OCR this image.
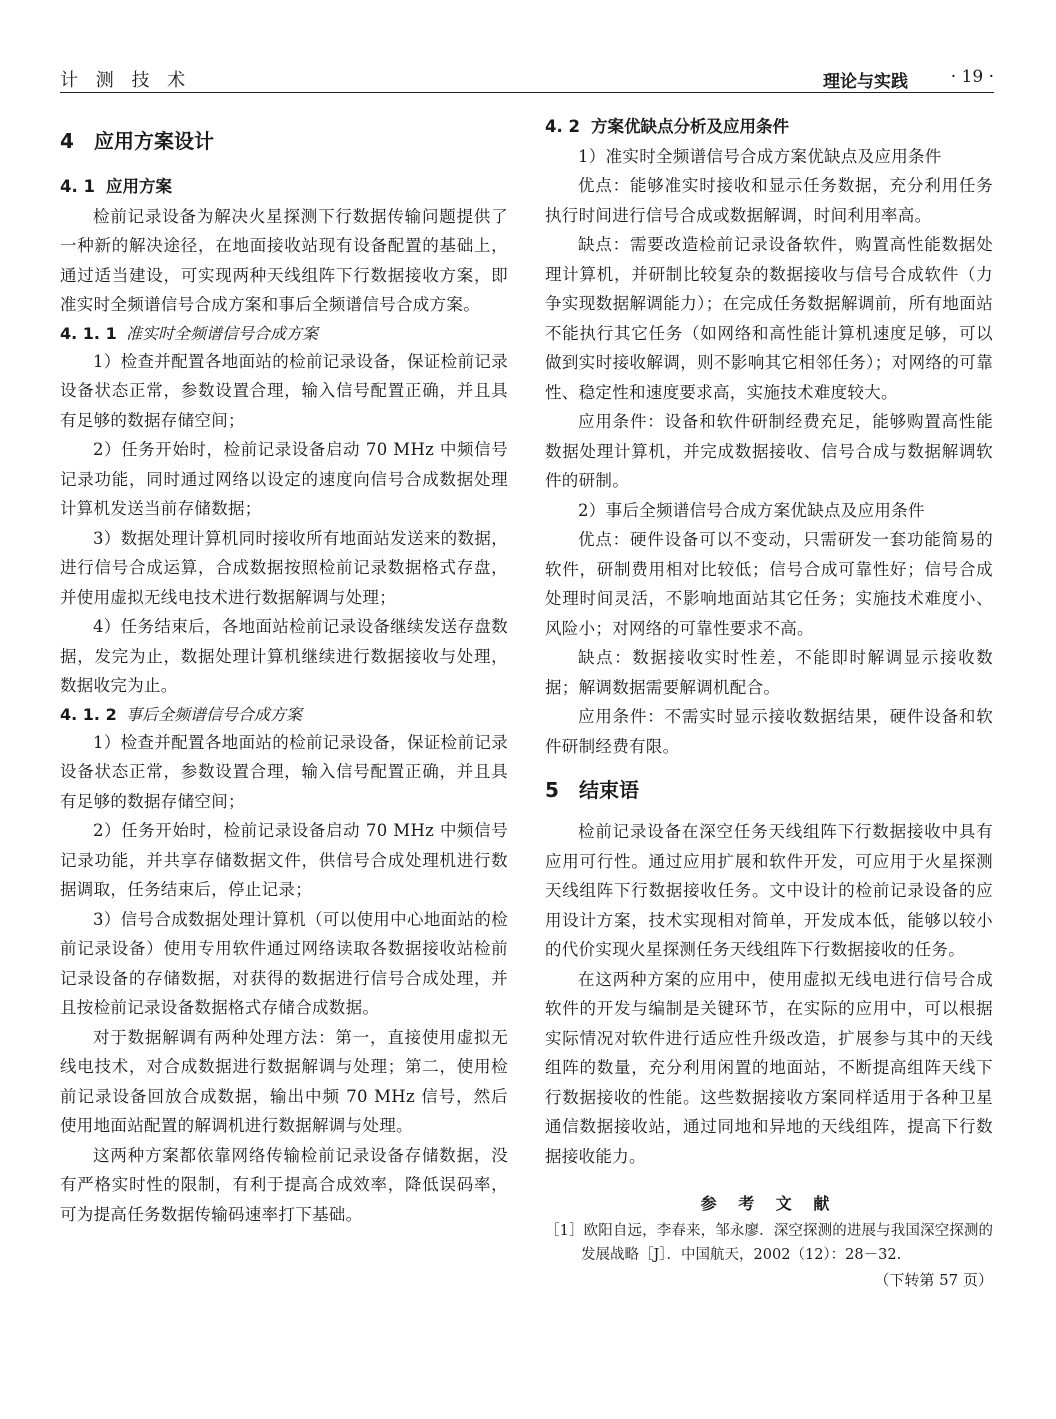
计 测 技 术	理论与实践	· 19 ·

4 应用方案设计

4. 1 应用方案

检前记录设备为解决火星探测下行数据传输问题提供了一种新的解决途径，在地面接收站现有设备配置的基础上，通过适当建设，可实现两种天线组阵下行数据接收方案，即准实时全频谱信号合成方案和事后全频谱信号合成方案。

4. 1. 1 准实时全频谱信号合成方案

1）检查并配置各地面站的检前记录设备，保证检前记录设备状态正常，参数设置合理，输入信号配置正确，并且具有足够的数据存储空间；

2）任务开始时，检前记录设备启动 70 MHz 中频信号记录功能，同时通过网络以设定的速度向信号合成数据处理计算机发送当前存储数据；

3）数据处理计算机同时接收所有地面站发送来的数据，进行信号合成运算，合成数据按照检前记录数据格式存盘，并使用虚拟无线电技术进行数据解调与处理；

4）任务结束后，各地面站检前记录设备继续发送存盘数据，发完为止，数据处理计算机继续进行数据接收与处理，数据收完为止。

4. 1. 2 事后全频谱信号合成方案

1）检查并配置各地面站的检前记录设备，保证检前记录设备状态正常，参数设置合理，输入信号配置正确，并且具有足够的数据存储空间；

2）任务开始时，检前记录设备启动 70 MHz 中频信号记录功能，并共享存储数据文件，供信号合成处理机进行数据调取，任务结束后，停止记录；

3）信号合成数据处理计算机（可以使用中心地面站的检前记录设备）使用专用软件通过网络读取各数据接收站检前记录设备的存储数据，对获得的数据进行信号合成处理，并且按检前记录设备数据格式存储合成数据。

对于数据解调有两种处理方法：第一，直接使用虚拟无线电技术，对合成数据进行数据解调与处理；第二，使用检前记录设备回放合成数据，输出中频 70 MHz 信号，然后使用地面站配置的解调机进行数据解调与处理。

这两种方案都依靠网络传输检前记录设备存储数据，没有严格实时性的限制，有利于提高合成效率，降低误码率，可为提高任务数据传输码速率打下基础。

4. 2 方案优缺点分析及应用条件

1）准实时全频谱信号合成方案优缺点及应用条件

优点：能够准实时接收和显示任务数据，充分利用任务执行时间进行信号合成或数据解调，时间利用率高。

缺点：需要改造检前记录设备软件，购置高性能数据处理计算机，并研制比较复杂的数据接收与信号合成软件（力争实现数据解调能力）；在完成任务数据解调前，所有地面站不能执行其它任务（如网络和高性能计算机速度足够，可以做到实时接收解调，则不影响其它相邻任务）；对网络的可靠性、稳定性和速度要求高，实施技术难度较大。

应用条件：设备和软件研制经费充足，能够购置高性能数据处理计算机，并完成数据接收、信号合成与数据解调软件的研制。

2）事后全频谱信号合成方案优缺点及应用条件

优点：硬件设备可以不变动，只需研发一套功能简易的软件，研制费用相对比较低；信号合成可靠性好；信号合成处理时间灵活，不影响地面站其它任务；实施技术难度小、风险小；对网络的可靠性要求不高。

缺点：数据接收实时性差，不能即时解调显示接收数据；解调数据需要解调机配合。

应用条件：不需实时显示接收数据结果，硬件设备和软件研制经费有限。

5 结束语

检前记录设备在深空任务天线组阵下行数据接收中具有应用可行性。通过应用扩展和软件开发，可应用于火星探测天线组阵下行数据接收任务。文中设计的检前记录设备的应用设计方案，技术实现相对简单，开发成本低，能够以较小的代价实现火星探测任务天线组阵下行数据接收的任务。

在这两种方案的应用中，使用虚拟无线电进行信号合成软件的开发与编制是关键环节，在实际的应用中，可以根据实际情况对软件进行适应性升级改造，扩展参与其中的天线组阵的数量，充分利用闲置的地面站，不断提高组阵天线下行数据接收的性能。这些数据接收方案同样适用于各种卫星通信数据接收站，通过同地和异地的天线组阵，提高下行数据接收能力。

参 考 文 献

［1］欧阳自远，李春来，邹永廖．深空探测的进展与我国深空探测的发展战略［J］．中国航天，2002（12）：28－32.

（下转第 57 页）
